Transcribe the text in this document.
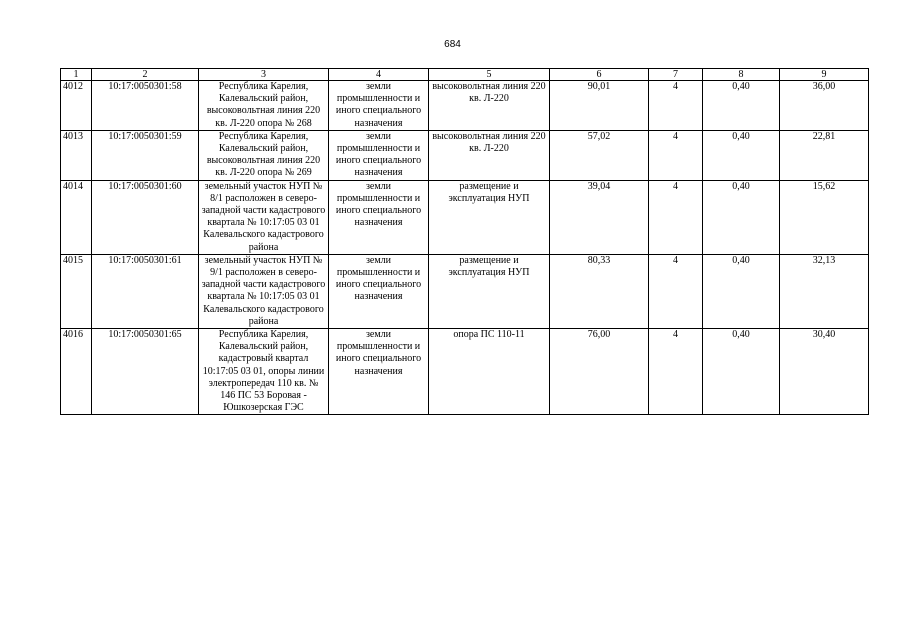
684
1	2	3	4	5	6	7	8	9
4012	10:17:0050301:58	Республика Карелия, Калевальский район, высоковольтная линия 220 кв. Л-220 опора № 268	земли промышленности и иного специального назначения	высоковольтная линия 220 кв. Л-220	90,01	4	0,40	36,00
4013	10:17:0050301:59	Республика Карелия, Калевальский район, высоковольтная линия 220 кв. Л-220 опора № 269	земли промышленности и иного специального назначения	высоковольтная линия 220 кв. Л-220	57,02	4	0,40	22,81
4014	10:17:0050301:60	земельный участок НУП № 8/1 расположен в северо-западной части кадастрового квартала № 10:17:05 03 01 Калевальского кадастрового района	земли промышленности и иного специального назначения	размещение и эксплуатация НУП	39,04	4	0,40	15,62
4015	10:17:0050301:61	земельный участок НУП № 9/1 расположен в северо-западной части кадастрового квартала № 10:17:05 03 01 Калевальского кадастрового района	земли промышленности и иного специального назначения	размещение и эксплуатация НУП	80,33	4	0,40	32,13
4016	10:17:0050301:65	Республика Карелия, Калевальский район, кадастровый квартал 10:17:05 03 01, опоры линии электропередач 110 кв. № 146 ПС 53 Боровая - Юшкозерская ГЭС	земли промышленности и иного специального назначения	опора ПС 110-11	76,00	4	0,40	30,40
